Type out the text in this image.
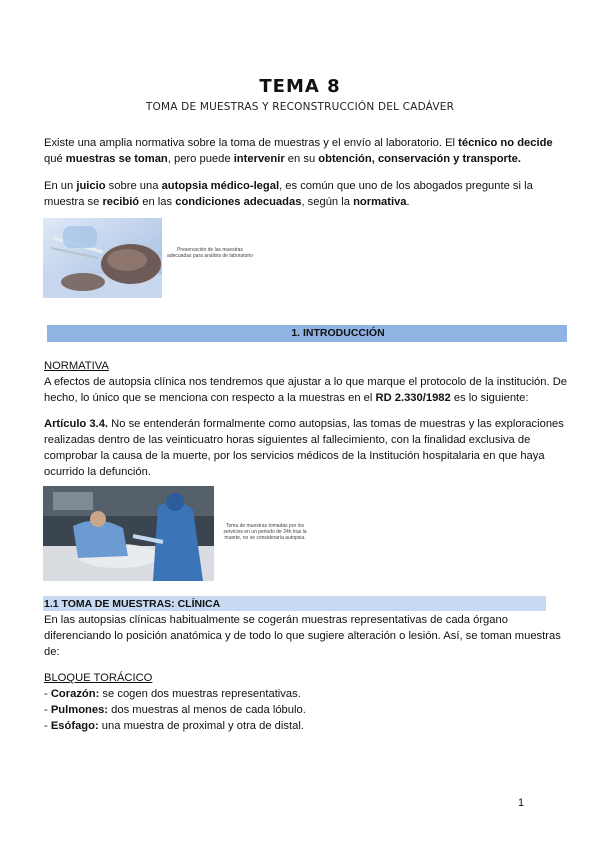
TEMA 8
TOMA DE MUESTRAS Y RECONSTRUCCIÓN DEL CADÁVER

Existe una amplia normativa sobre la toma de muestras y el envío al laboratorio. El técnico no decide qué muestras se toman, pero puede intervenir en su obtención, conservación y transporte.

En un juicio sobre una autopsia médico-legal, es común que uno de los abogados pregunte si la muestra se recibió en las condiciones adecuadas, según la normativa.

Preservación de las muestras adecuadas para análisis de laboratorio
1. INTRODUCCIÓN

NORMATIVA

A efectos de autopsia clínica nos tendremos que ajustar a lo que marque el protocolo de la institución. De hecho, lo único que se menciona con respecto a la muestras en el RD 2.330/1982 es lo siguiente:

Artículo 3.4. No se entenderán formalmente como autopsias, las tomas de muestras y las exploraciones realizadas dentro de las veinticuatro horas siguientes al fallecimiento, con la finalidad exclusiva de comprobar la causa de la muerte, por los servicios médicos de la Institución hospitalaria en que haya ocurrido la defunción.

Toma de muestras tomadas por los servicios en un periodo de 24h tras la muerte, no se consideraría autopsia.
1.1 TOMA DE MUESTRAS: CLÍNICA

En las autopsias clínicas habitualmente se cogerán muestras representativas de cada órgano diferenciando lo posición anatómica y de todo lo que sugiere alteración o lesión. Así, se toman muestras de:

BLOQUE TORÁCICO

- Corazón: se cogen dos muestras representativas.

- Pulmones: dos muestras al menos de cada lóbulo.

- Esófago: una muestra de proximal y otra de distal.

1
